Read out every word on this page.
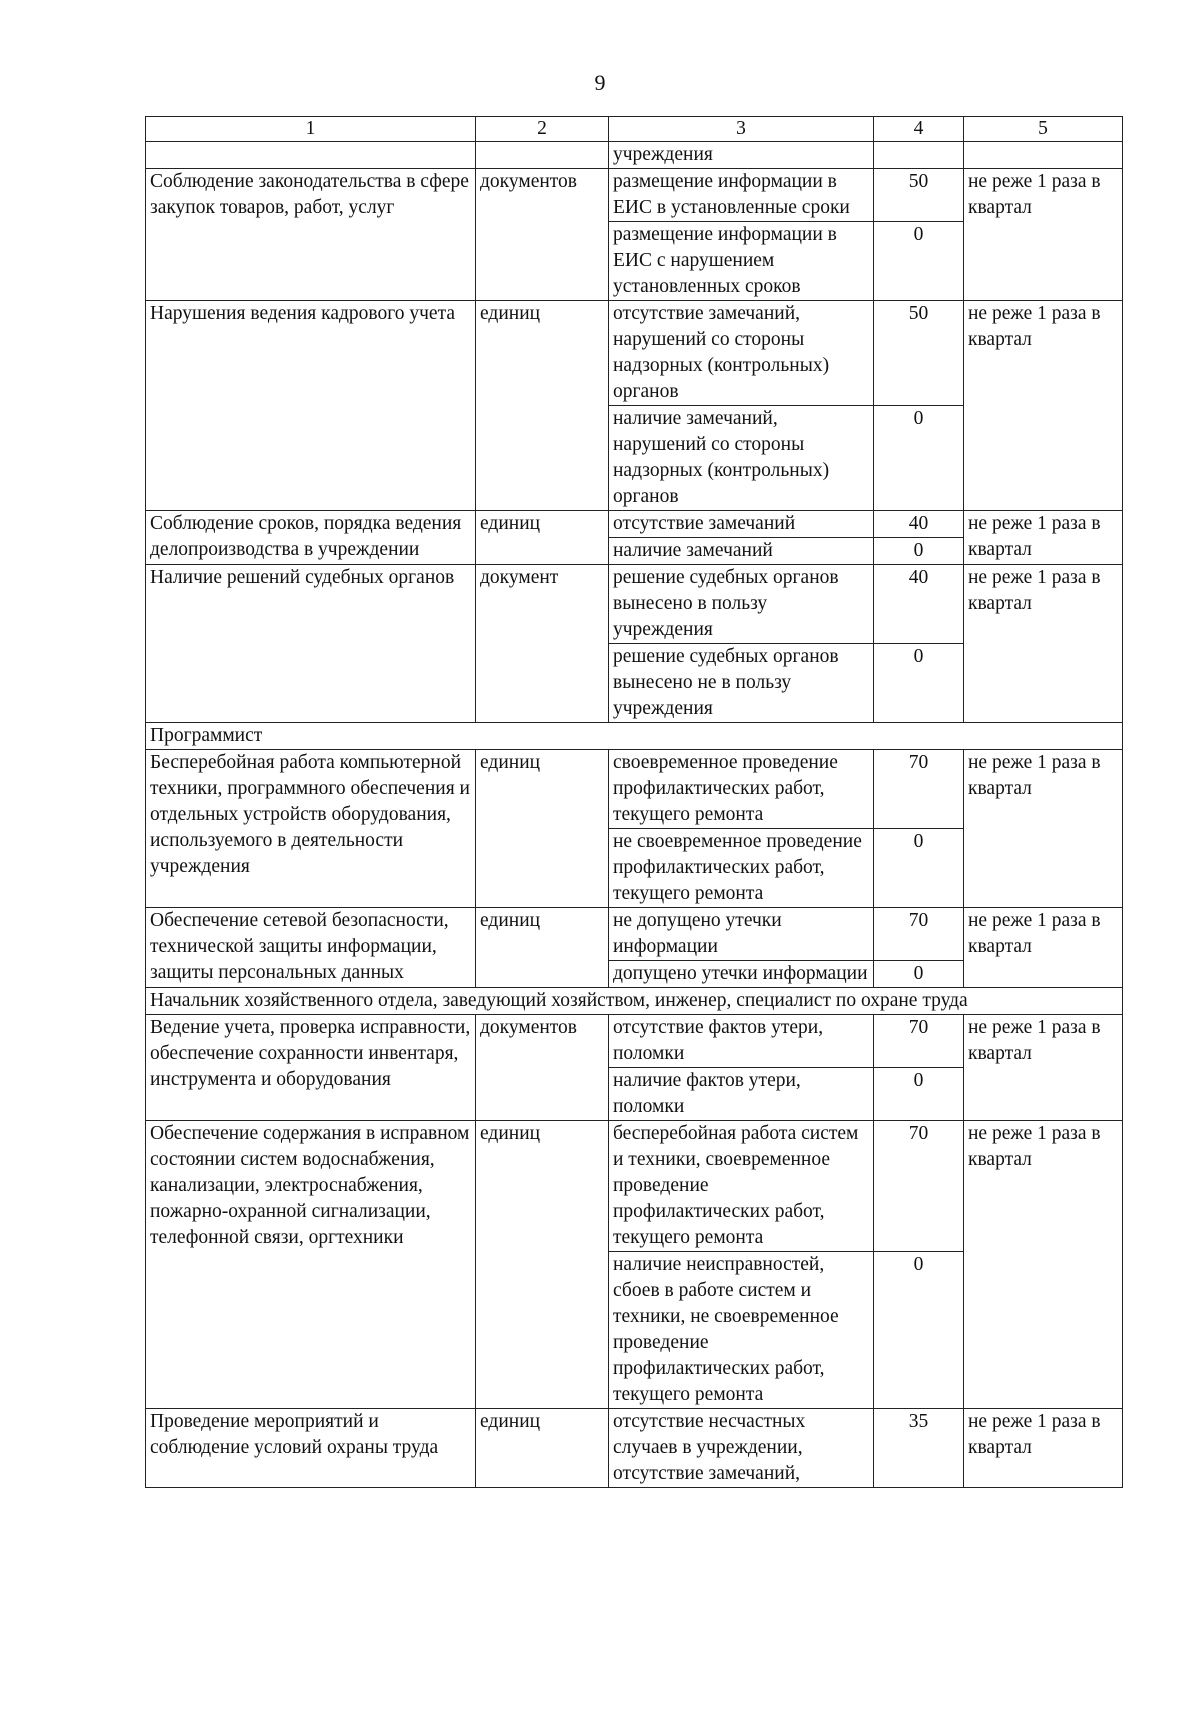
9
1	2	3	4	5
		учреждения		
Соблюдение законодательства в сфере закупок товаров, работ, услуг	документов	размещение информации в ЕИС в установленные сроки	50	не реже 1 раза в квартал
		размещение информации в ЕИС с нарушением установленных сроков	0	
Нарушения ведения кадрового учета	единиц	отсутствие замечаний, нарушений со стороны надзорных (контрольных) органов	50	не реже 1 раза в квартал
		наличие замечаний, нарушений со стороны надзорных (контрольных) органов	0	
Соблюдение сроков, порядка ведения делопроизводства в учреждении	единиц	отсутствие замечаний	40	не реже 1 раза в квартал
		наличие замечаний	0	
Наличие решений судебных органов	документ	решение судебных органов вынесено в пользу учреждения	40	не реже 1 раза в квартал
		решение судебных органов вынесено не в пользу учреждения	0	
Программист				
Бесперебойная работа компьютерной техники, программного обеспечения и отдельных устройств оборудования, используемого в деятельности учреждения	единиц	своевременное проведение профилактических работ, текущего ремонта	70	не реже 1 раза в квартал
		не своевременное проведение профилактических работ, текущего ремонта	0	
Обеспечение сетевой безопасности, технической защиты информации, защиты персональных данных	единиц	не допущено утечки информации	70	не реже 1 раза в квартал
		допущено утечки информации	0	
Начальник хозяйственного отдела, заведующий хозяйством, инженер, специалист по охране труда				
Ведение учета, проверка исправности, обеспечение сохранности инвентаря, инструмента и оборудования	документов	отсутствие фактов утери, поломки	70	не реже 1 раза в квартал
		наличие фактов утери, поломки	0	
Обеспечение содержания в исправном состоянии систем водоснабжения, канализации, электроснабжения, пожарно-охранной сигнализации, телефонной связи, оргтехники	единиц	бесперебойная работа систем и техники, своевременное проведение профилактических работ, текущего ремонта	70	не реже 1 раза в квартал
		наличие неисправностей, сбоев в работе систем и техники, не своевременное проведение профилактических работ, текущего ремонта	0	
Проведение мероприятий и соблюдение условий охраны труда	единиц	отсутствие несчастных случаев в учреждении, отсутствие замечаний,	35	не реже 1 раза в квартал
